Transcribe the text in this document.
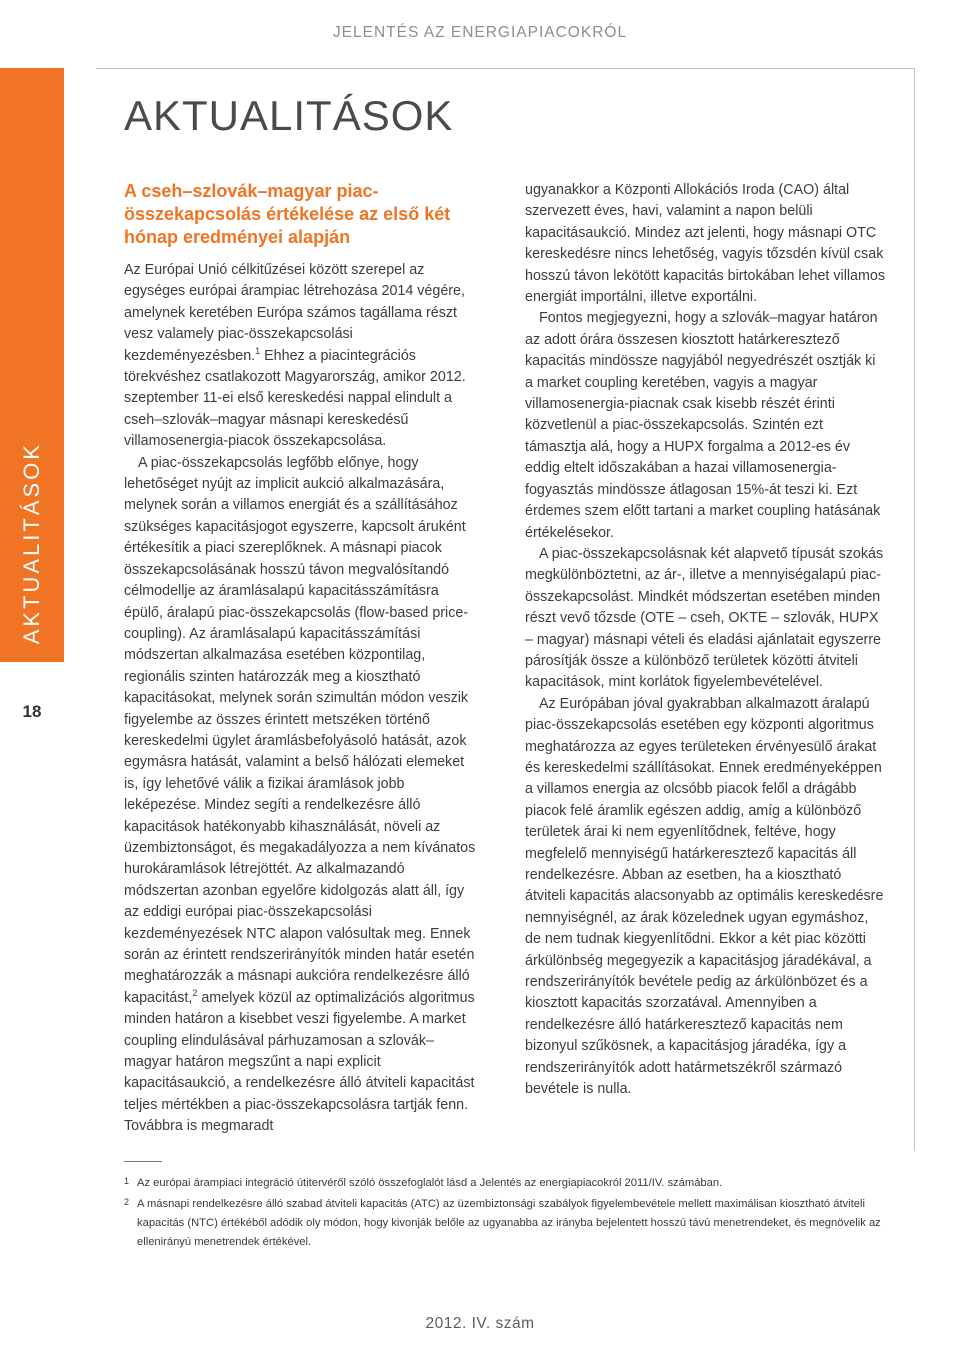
JELENTÉS AZ ENERGIAPIACOKRÓL
AKTUALITÁSOK
18
AKTUALITÁSOK
A cseh–szlovák–magyar piac-összekapcsolás értékelése az első két hónap eredményei alapján

Az Európai Unió célkitűzései között szerepel az egységes európai árampiac létrehozása 2014 végére, amelynek keretében Európa számos tagállama részt vesz valamely piac-összekapcsolási kezdeményezésben.$^1$ Ehhez a piacintegrációs törekvéshez csatlakozott Magyarország, amikor 2012. szeptember 11-ei első kereskedési nappal elindult a cseh–szlovák–magyar másnapi kereskedésű villamosenergia-piacok összekapcsolása.

A piac-összekapcsolás legfőbb előnye, hogy lehetőséget nyújt az implicit aukció alkalmazására, melynek során a villamos energiát és a szállításához szükséges kapacitásjogot egyszerre, kapcsolt áruként értékesítik a piaci szereplőknek. A másnapi piacok összekapcsolásának hosszú távon megvalósítandó célmodellje az áramlásalapú kapacitásszámításra épülő, áralapú piac-összekapcsolás (flow-based price-coupling). Az áramlásalapú kapacitásszámítási módszertan alkalmazása esetében központilag, regionális szinten határozzák meg a kiosztható kapacitásokat, melynek során szimultán módon veszik figyelembe az összes érintett metszéken történő kereskedelmi ügylet áramlásbefolyásoló hatását, azok egymásra hatását, valamint a belső hálózati elemeket is, így lehetővé válik a fizikai áramlások jobb leképezése. Mindez segíti a rendelkezésre álló kapacitások hatékonyabb kihasználását, növeli az üzembiztonságot, és megakadályozza a nem kívánatos hurokáramlások létrejöttét. Az alkalmazandó módszertan azonban egyelőre kidolgozás alatt áll, így az eddigi európai piac-összekapcsolási kezdeményezések NTC alapon valósultak meg. Ennek során az érintett rendszerirányítók minden határ esetén meghatározzák a másnapi aukcióra rendelkezésre álló kapacitást,$^2$ amelyek közül az optimalizációs algoritmus minden határon a kisebbet veszi figyelembe. A market coupling elindulásával párhuzamosan a szlovák–magyar határon megszűnt a napi explicit kapacitásaukció, a rendelkezésre álló átviteli kapacitást teljes mértékben a piac-összekapcsolásra tartják fenn. Továbbra is megmaradt

ugyanakkor a Központi Allokációs Iroda (CAO) által szervezett éves, havi, valamint a napon belüli kapacitásaukció. Mindez azt jelenti, hogy másnapi OTC kereskedésre nincs lehetőség, vagyis tőzsdén kívül csak hosszú távon lekötött kapacitás birtokában lehet villamos energiát importálni, illetve exportálni.

Fontos megjegyezni, hogy a szlovák–magyar határon az adott órára összesen kiosztott határkeresztező kapacitás mindössze nagyjából negyedrészét osztják ki a market coupling keretében, vagyis a magyar villamosenergia-piacnak csak kisebb részét érinti közvetlenül a piac-összekapcsolás. Szintén ezt támasztja alá, hogy a HUPX forgalma a 2012-es év eddig eltelt időszakában a hazai villamosenergia-fogyasztás mindössze átlagosan 15%-át teszi ki. Ezt érdemes szem előtt tartani a market coupling hatásának értékelésekor.

A piac-összekapcsolásnak két alapvető típusát szokás megkülönböztetni, az ár-, illetve a mennyiségalapú piac-összekapcsolást. Mindkét módszertan esetében minden részt vevő tőzsde (OTE – cseh, OKTE – szlovák, HUPX – magyar) másnapi vételi és eladási ajánlatait egyszerre párosítják össze a különböző területek közötti átviteli kapacitások, mint korlátok figyelembevételével.

Az Európában jóval gyakrabban alkalmazott áralapú piac-összekapcsolás esetében egy központi algoritmus meghatározza az egyes területeken érvényesülő árakat és kereskedelmi szállításokat. Ennek eredményeképpen a villamos energia az olcsóbb piacok felől a drágább piacok felé áramlik egészen addig, amíg a különböző területek árai ki nem egyenlítődnek, feltéve, hogy megfelelő mennyiségű határkeresztező kapacitás áll rendelkezésre. Abban az esetben, ha a kiosztható átviteli kapacitás alacsonyabb az optimális kereskedésre nemnyiségnél, az árak közelednek ugyan egymáshoz, de nem tudnak kiegyenlítődni. Ekkor a két piac közötti árkülönbség megegyezik a kapacitásjog járadékával, a rendszerirányítók bevétele pedig az árkülönbözet és a kiosztott kapacitás szorzatával. Amennyiben a rendelkezésre álló határkeresztező kapacitás nem bizonyul szűkösnek, a kapacitásjog járadéka, így a rendszerirányítók adott határmetszékről származó bevétele is nulla.

1 Az európai árampiaci integráció útitervéről szóló összefoglalót lásd a Jelentés az energiapiacokról 2011/IV. számában.

2 A másnapi rendelkezésre álló szabad átviteli kapacitás (ATC) az üzembiztonsági szabályok figyelembevétele mellett maximálisan kiosztható átviteli kapacitás (NTC) értékéből adódik oly módon, hogy kivonják belőle az ugyanabba az irányba bejelentett hosszú távú menetrendeket, és megnövelik az ellenirányú menetrendek értékével.

2012. IV. szám
